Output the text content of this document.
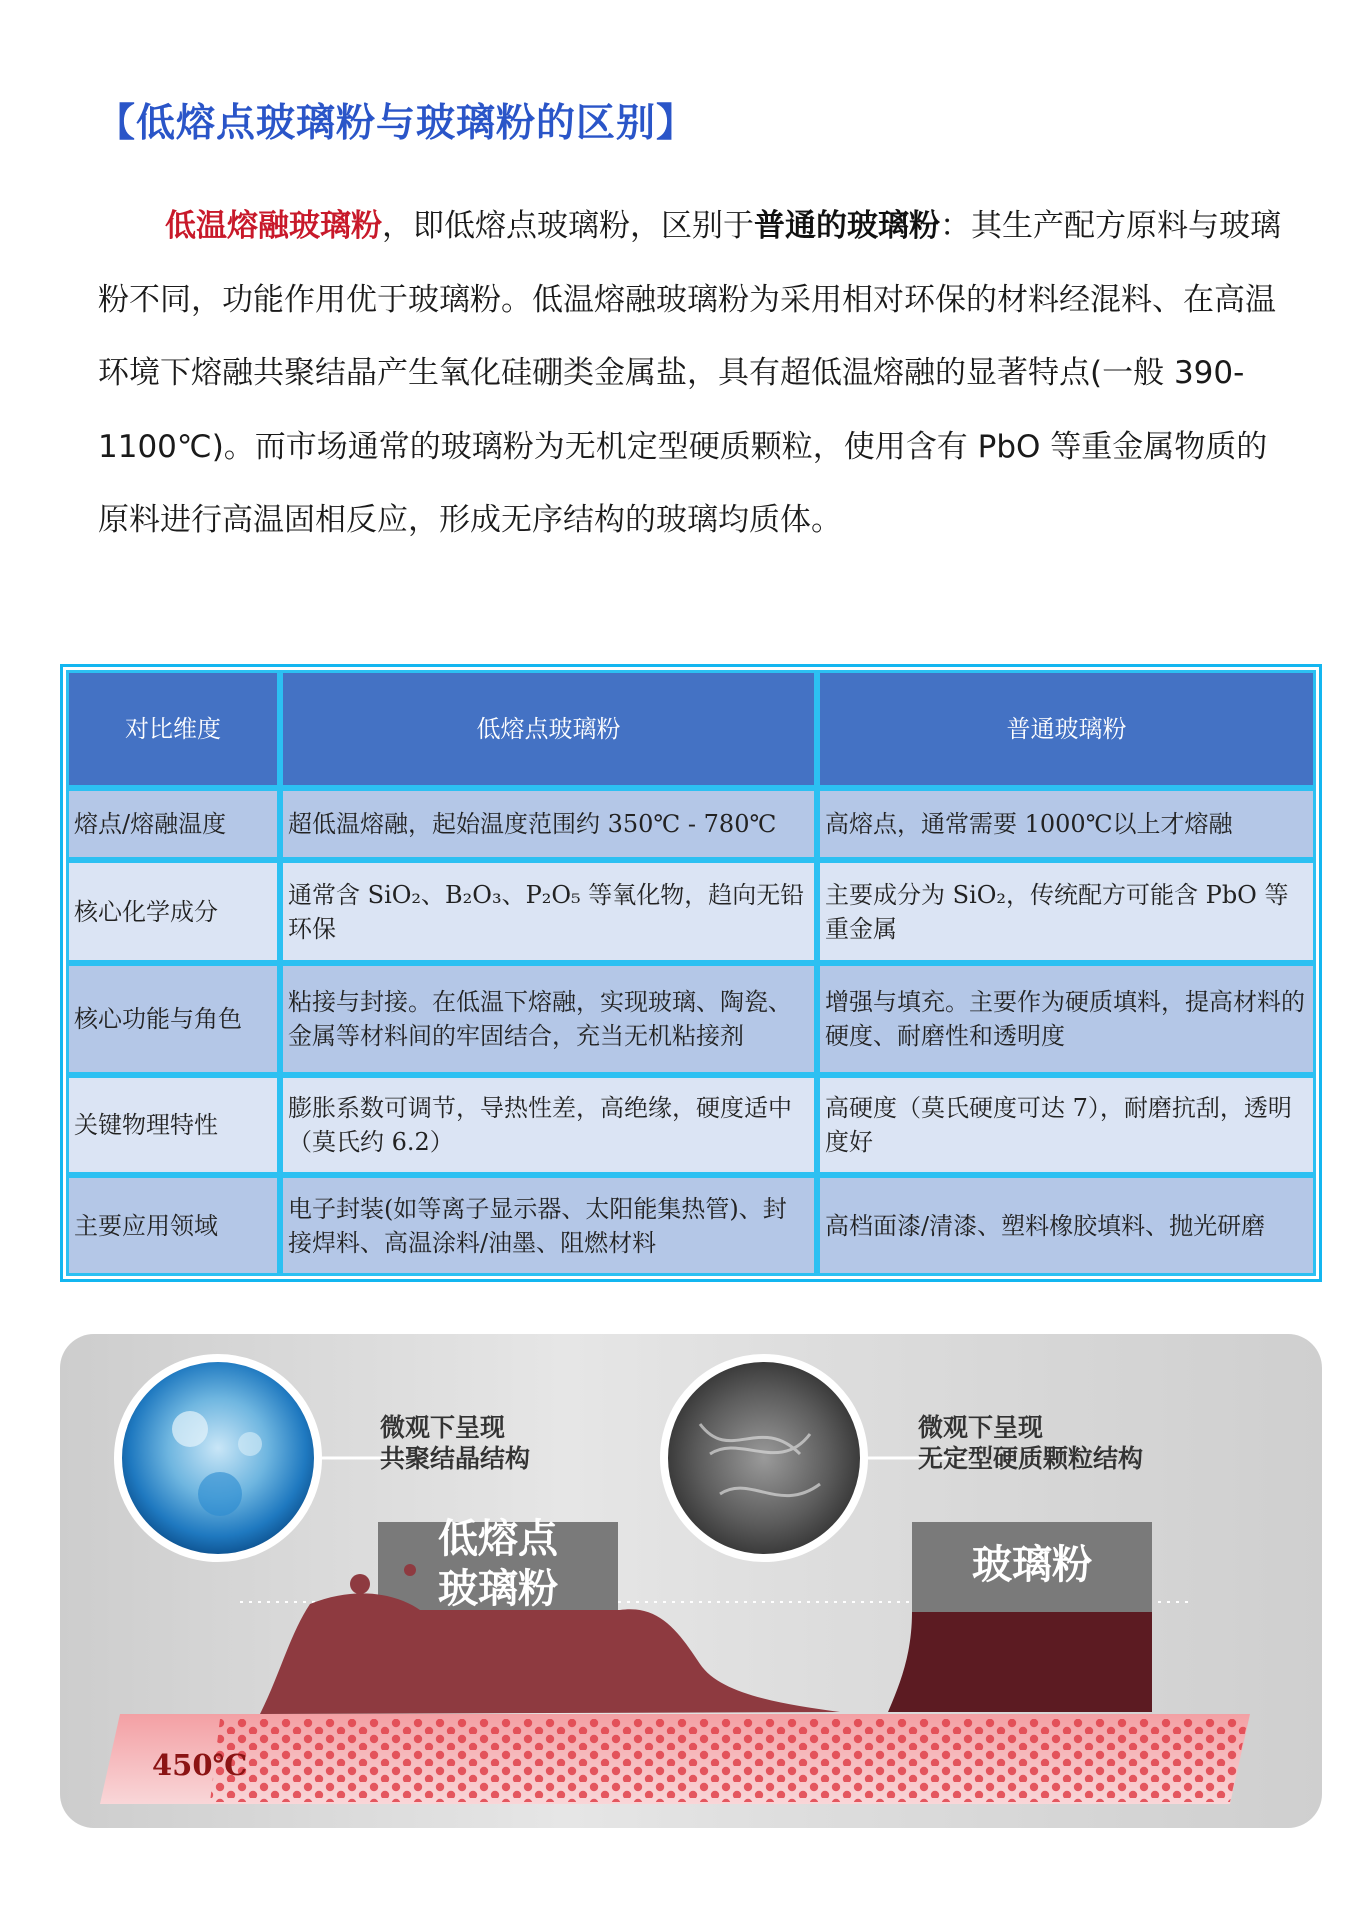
【低熔点玻璃粉与玻璃粉的区别】
低温熔融玻璃粉，即低熔点玻璃粉，区别于普通的玻璃粉：其生产配方原料与玻璃粉不同，功能作用优于玻璃粉。低温熔融玻璃粉为采用相对环保的材料经混料、在高温环境下熔融共聚结晶产生氧化硅硼类金属盐，具有超低温熔融的显著特点(一般 390-1100℃)。而市场通常的玻璃粉为无机定型硬质颗粒，使用含有 PbO 等重金属物质的原料进行高温固相反应，形成无序结构的玻璃均质体。
对比维度	低熔点玻璃粉	普通玻璃粉
熔点/熔融温度	超低温熔融，起始温度范围约 350℃ - 780℃	高熔点，通常需要 1000℃以上才熔融
核心化学成分	通常含 SiO₂、B₂O₃、P₂O₅ 等氧化物，趋向无铅环保	主要成分为 SiO₂，传统配方可能含 PbO 等重金属
核心功能与角色	粘接与封接。在低温下熔融，实现玻璃、陶瓷、金属等材料间的牢固结合，充当无机粘接剂	增强与填充。主要作为硬质填料，提高材料的硬度、耐磨性和透明度
关键物理特性	膨胀系数可调节，导热性差，高绝缘，硬度适中（莫氏约 6.2）	高硬度（莫氏硬度可达 7），耐磨抗刮，透明度好
主要应用领域	电子封装(如等离子显示器、太阳能集热管)、封接焊料、高温涂料/油墨、阻燃材料	高档面漆/清漆、塑料橡胶填料、抛光研磨
微观下呈现
共聚结晶结构
低熔点
玻璃粉
微观下呈现
无定型硬质颗粒结构
玻璃粉
450℃
